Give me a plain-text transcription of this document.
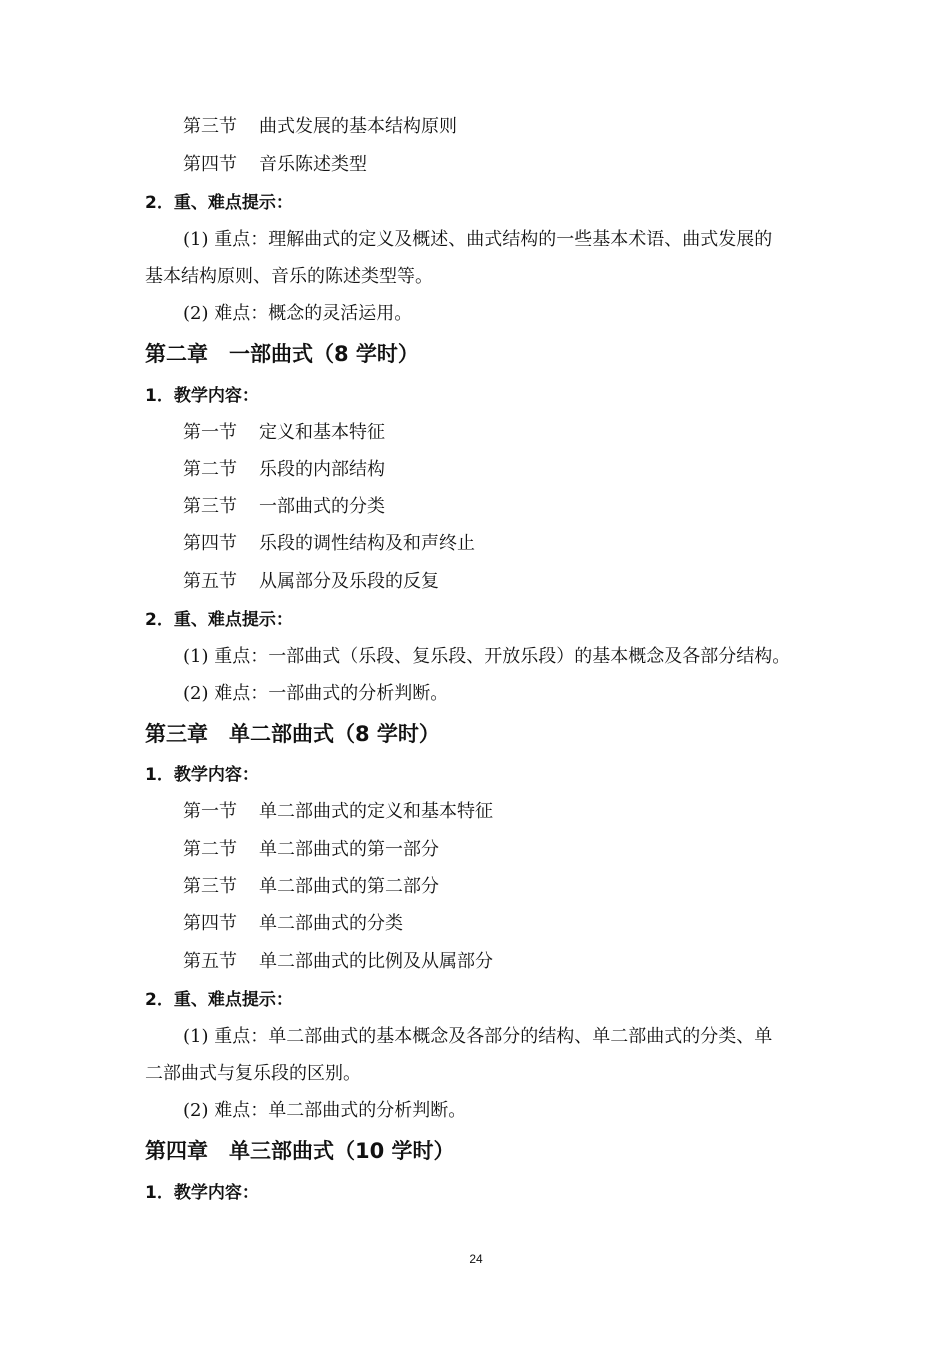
第三节 曲式发展的基本结构原则
第四节 音乐陈述类型
2．重、难点提示：
(1) 重点：理解曲式的定义及概述、曲式结构的一些基本术语、曲式发展的
基本结构原则、音乐的陈述类型等。
(2) 难点：概念的灵活运用。
第二章　一部曲式（8 学时）
1．教学内容：
第一节 定义和基本特征
第二节 乐段的内部结构
第三节 一部曲式的分类
第四节 乐段的调性结构及和声终止
第五节 从属部分及乐段的反复
2．重、难点提示：
(1) 重点：一部曲式（乐段、复乐段、开放乐段）的基本概念及各部分结构。
(2) 难点：一部曲式的分析判断。
第三章　单二部曲式（8 学时）
1．教学内容：
第一节 单二部曲式的定义和基本特征
第二节 单二部曲式的第一部分
第三节 单二部曲式的第二部分
第四节 单二部曲式的分类
第五节 单二部曲式的比例及从属部分
2．重、难点提示：
(1) 重点：单二部曲式的基本概念及各部分的结构、单二部曲式的分类、单
二部曲式与复乐段的区别。
(2) 难点：单二部曲式的分析判断。
第四章　单三部曲式（10 学时）
1．教学内容：
24
